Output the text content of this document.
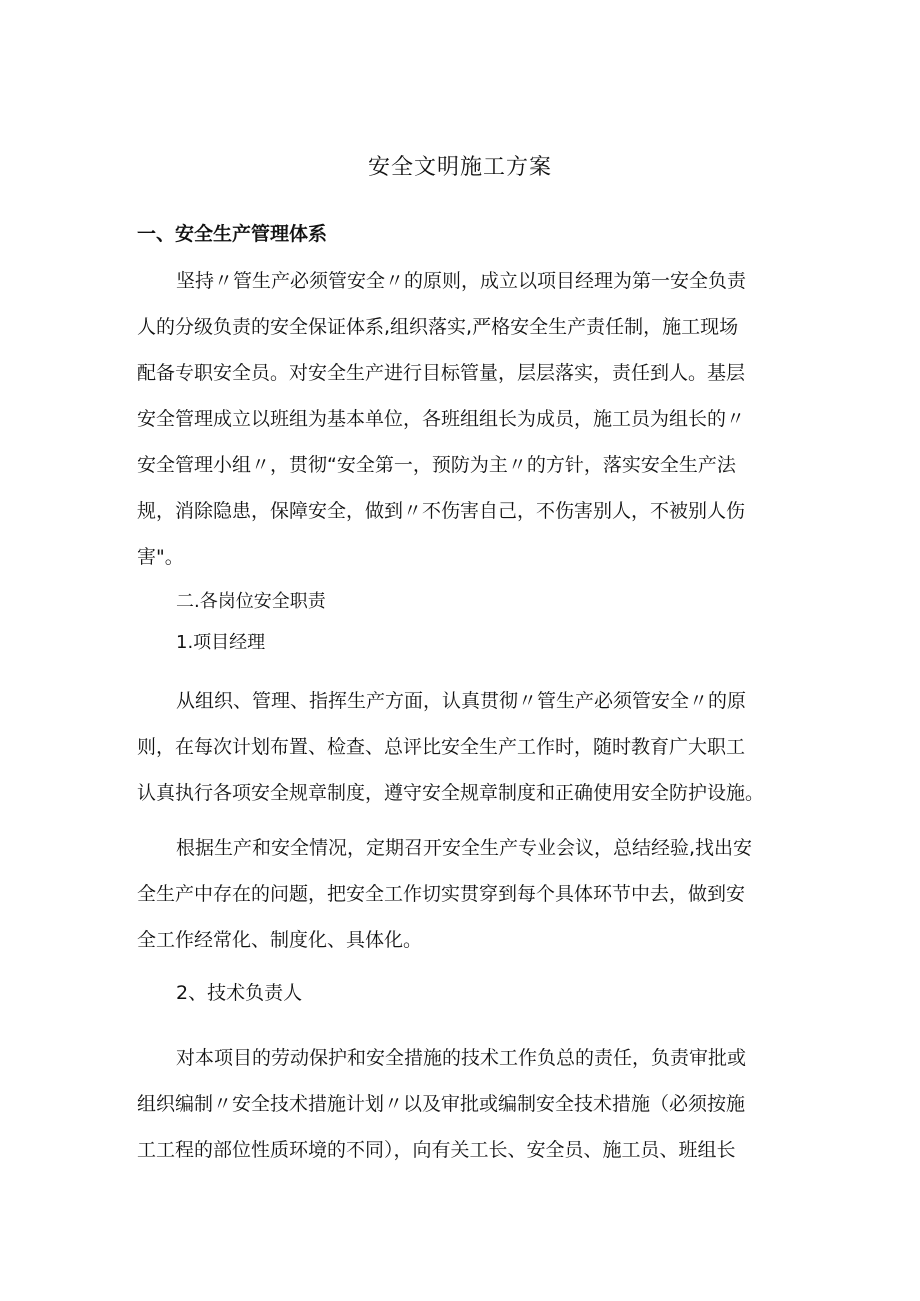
安全文明施工方案
一、安全生产管理体系
坚持〃管生产必须管安全〃的原则，成立以项目经理为第一安全负责
人的分级负责的安全保证体系,组织落实,严格安全生产责任制，施工现场
配备专职安全员。对安全生产进行目标管量，层层落实，责任到人。基层
安全管理成立以班组为基本单位，各班组组长为成员，施工员为组长的〃
安全管理小组〃，贯彻“安全第一，预防为主〃的方针，落实安全生产法
规，消除隐患，保障安全，做到〃不伤害自己，不伤害别人，不被别人伤
害"。
二.各岗位安全职责
1.项目经理
从组织、管理、指挥生产方面，认真贯彻〃管生产必须管安全〃的原
则，在每次计划布置、检查、总评比安全生产工作时，随时教育广大职工
认真执行各项安全规章制度，遵守安全规章制度和正确使用安全防护设施。
根据生产和安全情况，定期召开安全生产专业会议，总结经验,找出安
全生产中存在的问题，把安全工作切实贯穿到每个具体环节中去，做到安
全工作经常化、制度化、具体化。
2、技术负责人
对本项目的劳动保护和安全措施的技术工作负总的责任，负责审批或
组织编制〃安全技术措施计划〃以及审批或编制安全技术措施（必须按施
工工程的部位性质环境的不同），向有关工长、安全员、施工员、班组长
